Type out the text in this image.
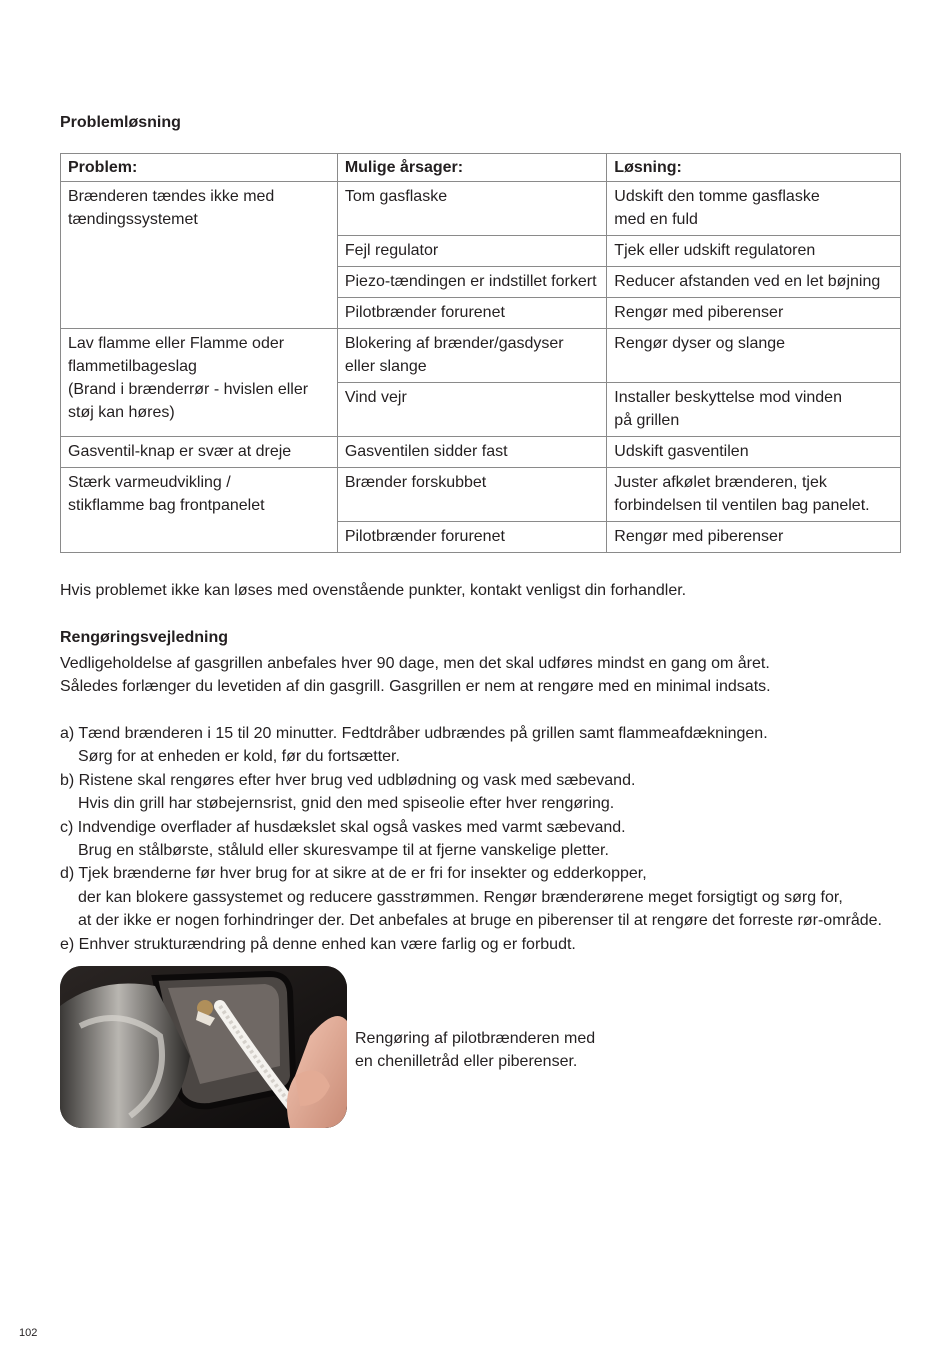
Problemløsning
Problem:	Mulige årsager:	Løsning:

Brænderen tændes ikke med
tændingssystemet	Tom gasflaske	Udskift den tomme gasflaske
med en fuld

	Fejl regulator	Tjek eller udskift regulatoren

	Piezo-tændingen er indstillet forkert	Reducer afstanden ved en let bøjning

	Pilotbrænder forurenet	Rengør med piberenser

Lav flamme eller Flamme oder
flammetilbageslag
(Brand i brænderrør - hvislen eller
støj kan høres)	Blokering af brænder/gasdyser
eller slange	Rengør dyser og slange

	Vind vejr	Installer beskyttelse mod vinden
på grillen

Gasventil-knap er svær at dreje	Gasventilen sidder fast	Udskift gasventilen

Stærk varmeudvikling /
stikflamme bag frontpanelet	Brænder forskubbet	Juster afkølet brænderen, tjek
forbindelsen til ventilen bag panelet.

	Pilotbrænder forurenet	Rengør med piberenser
Hvis problemet ikke kan løses med ovenstående punkter, kontakt venligst din forhandler.
Rengøringsvejledning
Vedligeholdelse af gasgrillen anbefales hver 90 dage, men det skal udføres mindst en gang om året.
Således forlænger du levetiden af din gasgrill. Gasgrillen er nem at rengøre med en minimal indsats.
a) Tænd brænderen i 15 til 20 minutter. Fedtdråber udbrændes på grillen samt flammeafdækningen.
Sørg for at enheden er kold, før du fortsætter.
b) Ristene skal rengøres efter hver brug ved udblødning og vask med sæbevand.
Hvis din grill har støbejernsrist, gnid den med spiseolie efter hver rengøring.
c) Indvendige overflader af husdækslet skal også vaskes med varmt sæbevand.
Brug en stålbørste, ståluld eller skuresvampe til at fjerne vanskelige pletter.
d) Tjek brænderne før hver brug for at sikre at de er fri for insekter og edderkopper,
der kan blokere gassystemet og reducere gasstrømmen. Rengør brænderørene meget forsigtigt og sørg for,
at der ikke er nogen forhindringer der. Det anbefales at bruge en piberenser til at rengøre det forreste rør-område.
e) Enhver strukturændring på denne enhed kan være farlig og er forbudt.
Rengøring af pilotbrænderen med
en chenilletråd eller piberenser.
102
